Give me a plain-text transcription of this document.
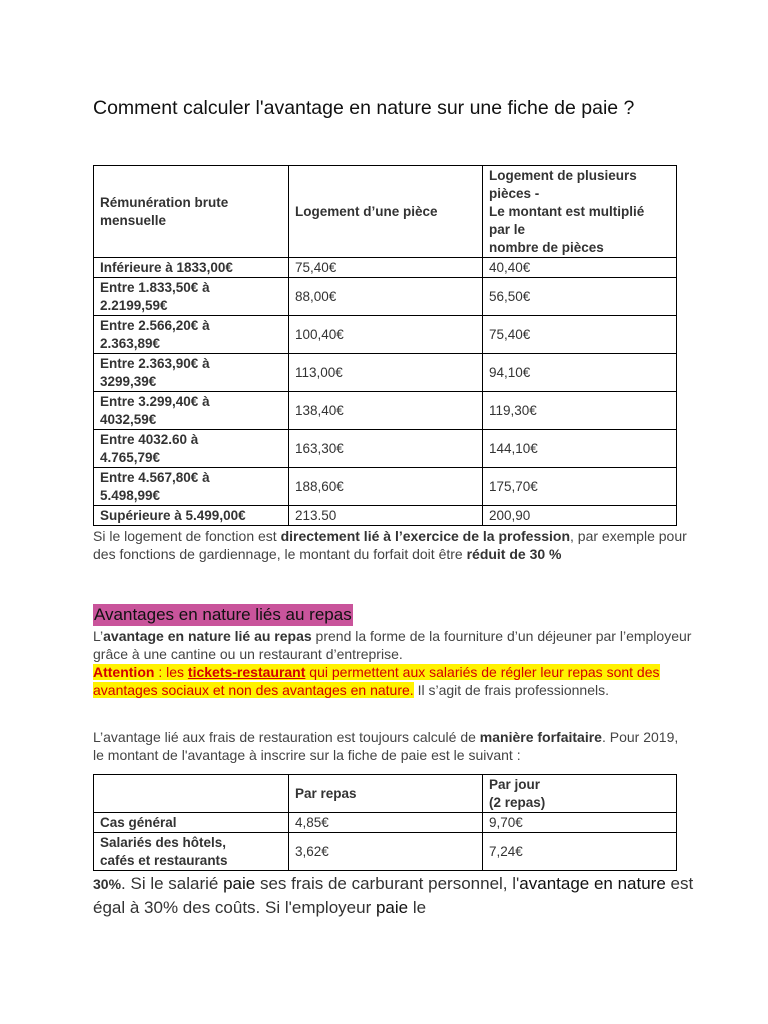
Comment calculer l'avantage en nature sur une fiche de paie ?
Rémunération brute mensuelle	Logement d’une pièce	Logement de plusieurs
pièces -
Le montant est multiplié
par le
nombre de pièces
Inférieure à 1833,00€	75,40€	40,40€
Entre 1.833,50€ à
2.2199,59€	88,00€	56,50€
Entre 2.566,20€ à
2.363,89€	100,40€	75,40€
Entre 2.363,90€ à
3299,39€	113,00€	94,10€
Entre 3.299,40€ à
4032,59€	138,40€	119,30€
Entre 4032.60 à
4.765,79€	163,30€	144,10€
Entre 4.567,80€ à
5.498,99€	188,60€	175,70€
Supérieure à 5.499,00€	213.50	200,90
Si le logement de fonction est directement lié à l’exercice de la profession, par exemple pour des fonctions de gardiennage, le montant du forfait doit être réduit de 30 %
Avantages en nature liés au repas
L’avantage en nature lié au repas prend la forme de la fourniture d’un déjeuner par l’employeur grâce à une cantine ou un restaurant d’entreprise.
Attention : les tickets-restaurant qui permettent aux salariés de régler leur repas sont des avantages sociaux et non des avantages en nature. Il s’agit de frais professionnels.
L’avantage lié aux frais de restauration est toujours calculé de manière forfaitaire. Pour 2019, le montant de l'avantage à inscrire sur la fiche de paie est le suivant :
	Par repas	Par jour
(2 repas)
Cas général	4,85€	9,70€
Salariés des hôtels,
cafés et restaurants	3,62€	7,24€
30%. Si le salarié paie ses frais de carburant personnel, l'avantage en nature est égal à 30% des coûts. Si l'employeur paie le
